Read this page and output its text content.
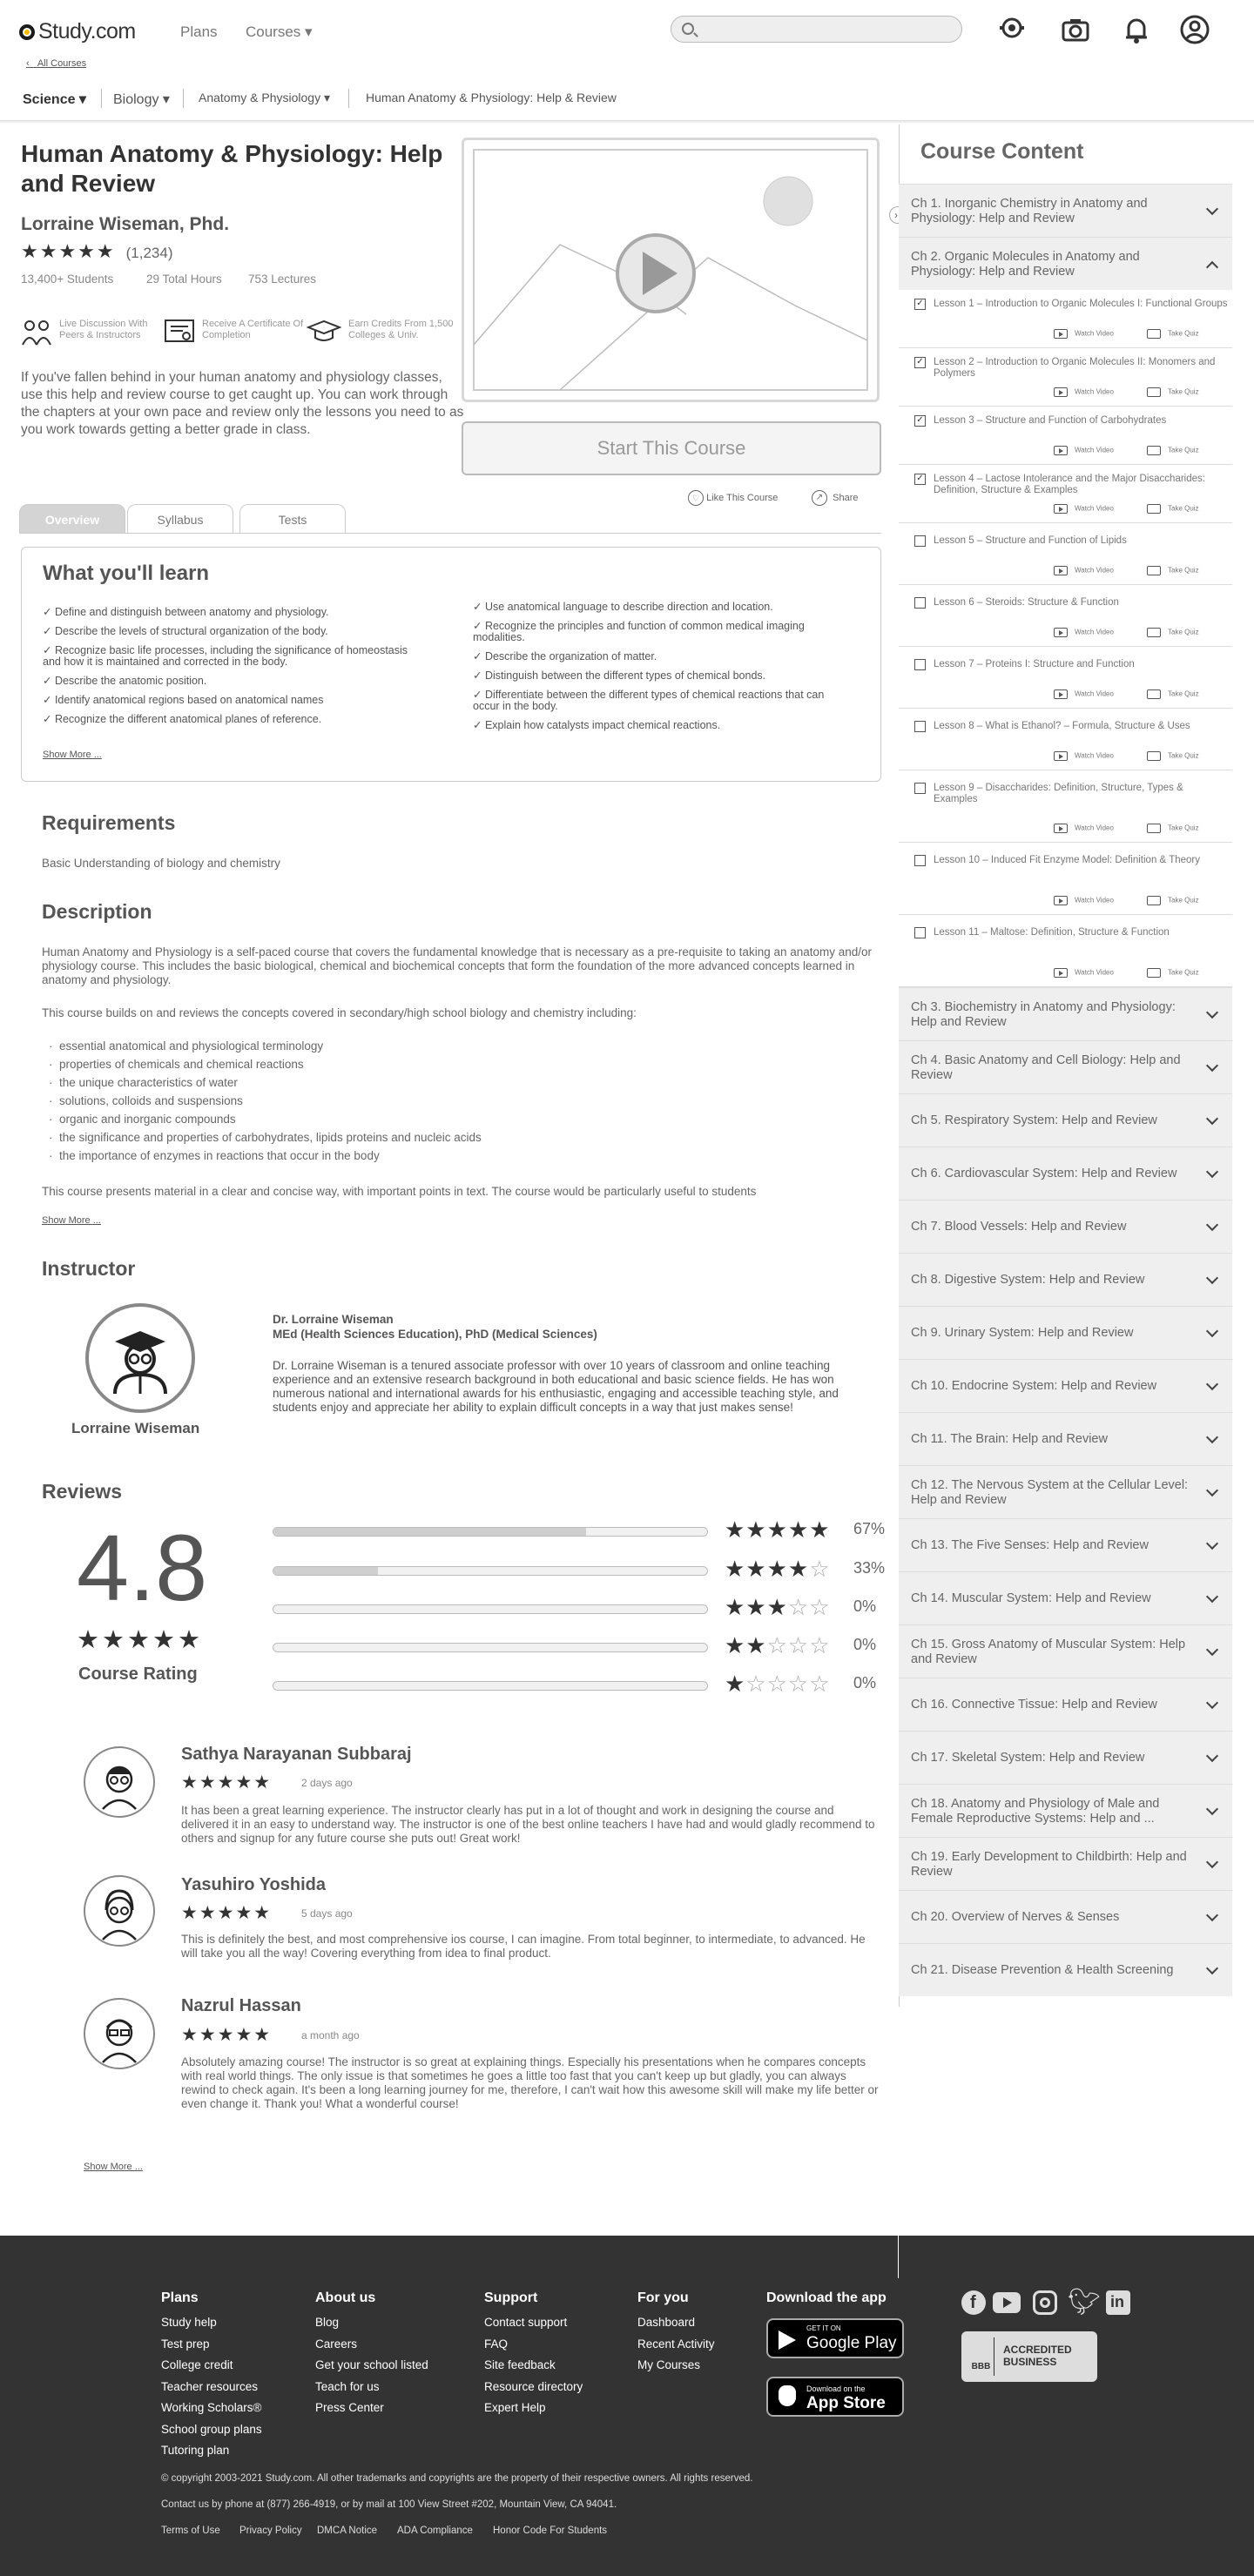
Study.com	Plans Courses ▾
‹   All Courses
Science ▾ Biology ▾ Anatomy & Physiology ▾	Human Anatomy & Physiology: Help & Review
Human Anatomy & Physiology: Help and Review
Lorraine Wiseman, Phd.
★★★★★ (1,234)
13,400+ Students	29 Total Hours 753 Lectures
Live Discussion With Peers & Instructors
Receive A Certificate Of Completion
Earn Credits From 1,500 Colleges & Univ.
If you've fallen behind in your human anatomy and physiology classes, use this help and review course to get caught up. You can work through the chapters at your own pace and review only the lessons you need to as you work towards getting a better grade in class.
Start This Course
♡ Like This Course	↗ Share
Overview	Syllabus	Tests
What you'll learn
✓ Define and distinguish between anatomy and physiology.
✓ Describe the levels of structural organization of the body.
✓ Recognize basic life processes, including the significance of homeostasis and how it is maintained and corrected in the body.
✓ Describe the anatomic position.
✓ Identify anatomical regions based on anatomical names
✓ Recognize the different anatomical planes of reference.
✓ Use anatomical language to describe direction and location.
✓ Recognize the principles and function of common medical imaging modalities.
✓ Describe the organization of matter.
✓ Distinguish between the different types of chemical bonds.
✓ Differentiate between the different types of chemical reactions that can occur in the body.
✓ Explain how catalysts impact chemical reactions.
Show More ...
Requirements
Basic Understanding of biology and chemistry
Description
Human Anatomy and Physiology is a self-paced course that covers the fundamental knowledge that is necessary as a pre-requisite to taking an anatomy and/or physiology course. This includes the basic biological, chemical and biochemical concepts that form the foundation of the more advanced concepts learned in anatomy and physiology.
This course builds on and reviews the concepts covered in secondary/high school biology and chemistry including:
·  essential anatomical and physiological terminology
·  properties of chemicals and chemical reactions
·  the unique characteristics of water
·  solutions, colloids and suspensions
·  organic and inorganic compounds
·  the significance and properties of carbohydrates, lipids proteins and nucleic acids
·  the importance of enzymes in reactions that occur in the body
This course presents material in a clear and concise way, with important points in text. The course would be particularly useful to students
Show More ...
Instructor
Lorraine Wiseman
Dr. Lorraine Wiseman
MEd (Health Sciences Education), PhD (Medical Sciences)
Dr. Lorraine Wiseman is a tenured associate professor with over 10 years of classroom and online teaching experience and an extensive research background in both educational and basic science fields. He has won numerous national and international awards for his enthusiastic, engaging and accessible teaching style, and students enjoy and appreciate her ability to explain difficult concepts in a way that just makes sense!
Reviews
4.8
★★★★★
Course Rating
★★★★★ 67%
★★★★☆ 33%
★★★☆☆ 0%
★★☆☆☆ 0%
★☆☆☆☆ 0%
Sathya Narayanan Subbaraj
★★★★★	2 days ago
It has been a great learning experience. The instructor clearly has put in a lot of thought and work in designing the course and delivered it in an easy to understand way. The instructor is one of the best online teachers I have had and would gladly recommend to others and signup for any future course she puts out! Great work!
Yasuhiro Yoshida
★★★★★	5 days ago
This is definitely the best, and most comprehensive ios course, I can imagine. From total beginner, to intermediate, to advanced. He will take you all the way! Covering everything from idea to final product.
Nazrul Hassan
★★★★★	a month ago
Absolutely amazing course! The instructor is so great at explaining things. Especially his presentations when he compares concepts with real world things. The only issue is that sometimes he goes a little too fast that you can't keep up but gladly, you can always rewind to check again. It's been a long learning journey for me, therefore, I can't wait how this awesome skill will make my life better or even change it. Thank you! What a wonderful course!
Show More ...
›
Course Content
Ch 1. Inorganic Chemistry in Anatomy and Physiology: Help and Review
Ch 2. Organic Molecules in Anatomy and Physiology: Help and Review
✓ Lesson 1 – Introduction to Organic Molecules I: Functional Groups
Watch Video	Take Quiz
✓ Lesson 2 – Introduction to Organic Molecules II: Monomers and Polymers
Watch Video	Take Quiz
✓ Lesson 3 – Structure and Function of Carbohydrates
Watch Video	Take Quiz
✓ Lesson 4 – Lactose Intolerance and the Major Disaccharides: Definition, Structure & Examples
Watch Video	Take Quiz
Lesson 5 – Structure and Function of Lipids
Watch Video	Take Quiz
Lesson 6 – Steroids: Structure & Function
Watch Video	Take Quiz
Lesson 7 – Proteins I: Structure and Function
Watch Video	Take Quiz
Lesson 8 – What is Ethanol? – Formula, Structure & Uses
Watch Video	Take Quiz
Lesson 9 – Disaccharides: Definition, Structure, Types & Examples
Watch Video	Take Quiz
Lesson 10 – Induced Fit Enzyme Model: Definition & Theory
Watch Video	Take Quiz
Lesson 11 – Maltose: Definition, Structure & Function
Watch Video	Take Quiz
Ch 3. Biochemistry in Anatomy and Physiology: Help and Review
Ch 4. Basic Anatomy and Cell Biology: Help and Review
Ch 5. Respiratory System: Help and Review
Ch 6. Cardiovascular System: Help and Review
Ch 7. Blood Vessels: Help and Review
Ch 8. Digestive System: Help and Review
Ch 9. Urinary System: Help and Review
Ch 10. Endocrine System: Help and Review
Ch 11. The Brain: Help and Review
Ch 12. The Nervous System at the Cellular Level: Help and Review
Ch 13. The Five Senses: Help and Review
Ch 14. Muscular System: Help and Review
Ch 15. Gross Anatomy of Muscular System: Help and Review
Ch 16. Connective Tissue: Help and Review
Ch 17. Skeletal System: Help and Review
Ch 18. Anatomy and Physiology of Male and Female Reproductive Systems: Help and ...
Ch 19. Early Development to Childbirth: Help and Review
Ch 20. Overview of Nerves & Senses
Ch 21. Disease Prevention & Health Screening
Plans
Study help
Test prep
College credit
Teacher resources
Working Scholars®
School group plans
Tutoring plan
About us
Blog
Careers
Get your school listed
Teach for us
Press Center
Support
Contact support
FAQ
Site feedback
Resource directory
Expert Help
For you
Dashboard
Recent Activity
My Courses
Download the app
GET IT ON
Google Play
Download on the
App Store
f	🐦︎ in
BBB
ACCREDITED BUSINESS
© copyright 2003-2021 Study.com. All other trademarks and copyrights are the property of their respective owners. All rights reserved.
Contact us by phone at (877) 266-4919, or by mail at 100 View Street #202, Mountain View, CA 94041.
Terms of Use Privacy Policy DMCA Notice ADA Compliance Honor Code For Students
